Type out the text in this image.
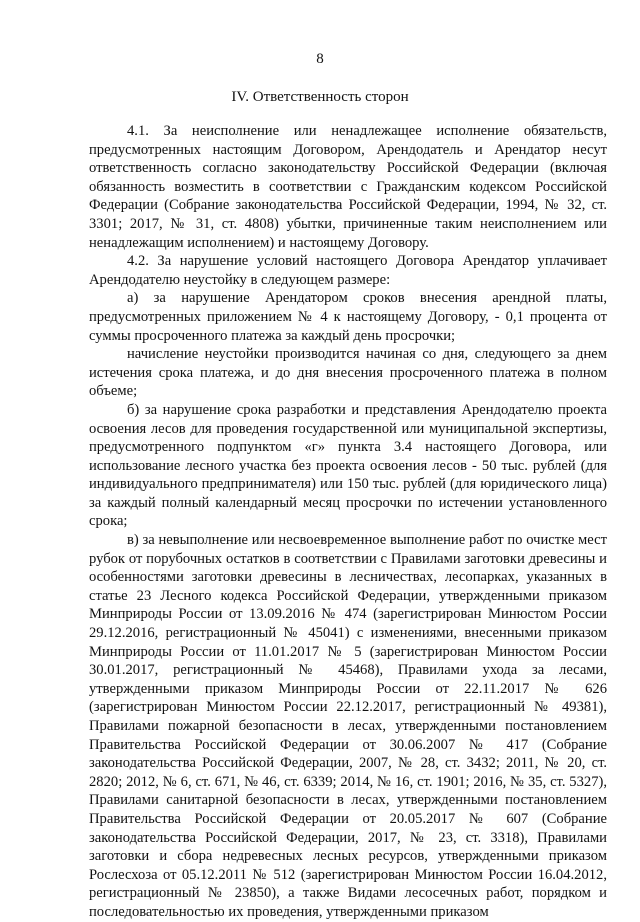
8
IV. Ответственность сторон

4.1. За неисполнение или ненадлежащее исполнение обязательств, предусмотренных настоящим Договором, Арендодатель и Арендатор несут ответственность согласно законодательству Российской Федерации (включая обязанность возместить в соответствии с Гражданским кодексом Российской Федерации (Собрание законодательства Российской Федерации, 1994, № 32, ст. 3301; 2017, № 31, ст. 4808) убытки, причиненные таким неисполнением или ненадлежащим исполнением) и настоящему Договору.

4.2. За нарушение условий настоящего Договора Арендатор уплачивает Арендодателю неустойку в следующем размере:

а) за нарушение Арендатором сроков внесения арендной платы, предусмотренных приложением № 4 к настоящему Договору, - 0,1 процента от суммы просроченного платежа за каждый день просрочки;

начисление неустойки производится начиная со дня, следующего за днем истечения срока платежа, и до дня внесения просроченного платежа в полном объеме;

б) за нарушение срока разработки и представления Арендодателю проекта освоения лесов для проведения государственной или муниципальной экспертизы, предусмотренного подпунктом «г» пункта 3.4 настоящего Договора, или использование лесного участка без проекта освоения лесов - 50 тыс. рублей (для индивидуального предпринимателя) или 150 тыс. рублей (для юридического лица) за каждый полный календарный месяц просрочки по истечении установленного срока;

в) за невыполнение или несвоевременное выполнение работ по очистке мест рубок от порубочных остатков в соответствии с Правилами заготовки древесины и особенностями заготовки древесины в лесничествах, лесопарках, указанных в статье 23 Лесного кодекса Российской Федерации, утвержденными приказом Минприроды России от 13.09.2016 № 474 (зарегистрирован Минюстом России 29.12.2016, регистрационный № 45041) с изменениями, внесенными приказом Минприроды России от 11.01.2017 № 5 (зарегистрирован Минюстом России 30.01.2017, регистрационный № 45468), Правилами ухода за лесами, утвержденными приказом Минприроды России от 22.11.2017 № 626 (зарегистрирован Минюстом России 22.12.2017, регистрационный № 49381), Правилами пожарной безопасности в лесах, утвержденными постановлением Правительства Российской Федерации от 30.06.2007 № 417 (Собрание законодательства Российской Федерации, 2007, № 28, ст. 3432; 2011, № 20, ст. 2820; 2012, № 6, ст. 671, № 46, ст. 6339; 2014, № 16, ст. 1901; 2016, № 35, ст. 5327), Правилами санитарной безопасности в лесах, утвержденными постановлением Правительства Российской Федерации от 20.05.2017 № 607 (Собрание законодательства Российской Федерации, 2017, № 23, ст. 3318), Правилами заготовки и сбора недревесных лесных ресурсов, утвержденными приказом Рослесхоза от 05.12.2011 № 512 (зарегистрирован Минюстом России 16.04.2012, регистрационный № 23850), а также Видами лесосечных работ, порядком и последовательностью их проведения, утвержденными приказом
